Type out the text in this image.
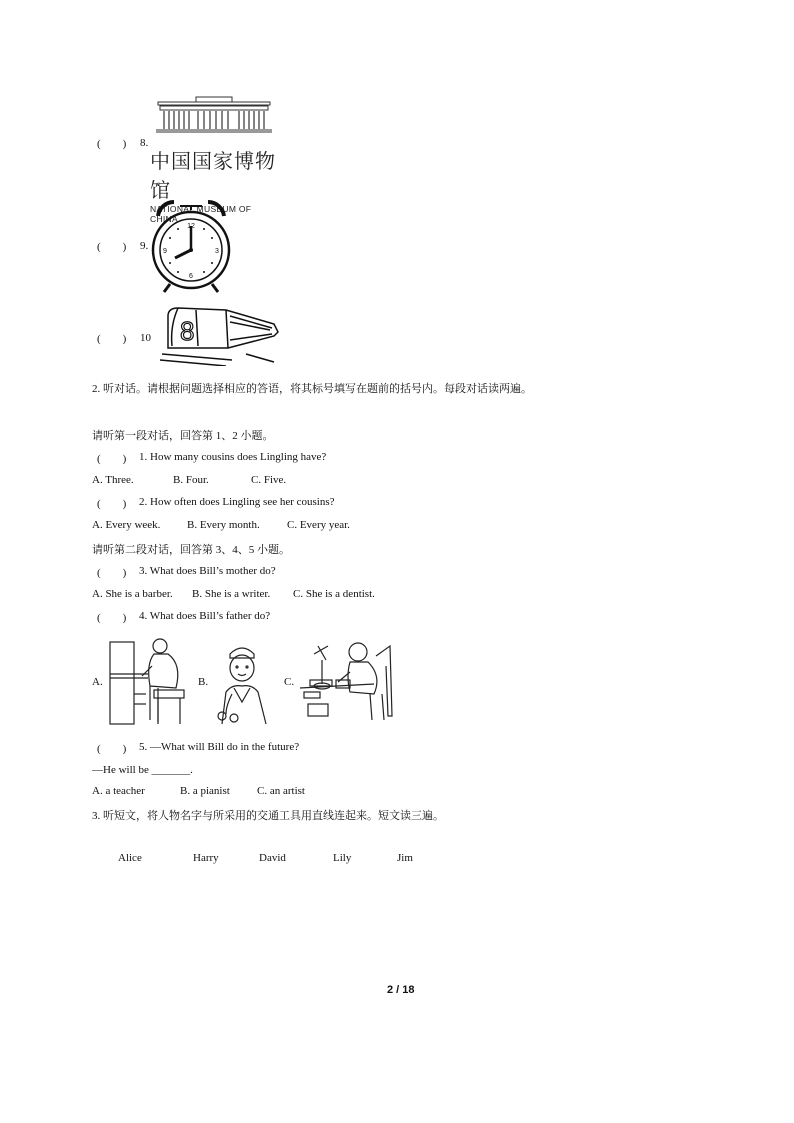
(　　) 8.
中国国家博物馆
NATIONAL MUSEUM OF CHINA
(　　) 9.
12
3
6
9
(　　) 10 8
2. 听对话。请根据问题选择相应的答语，将其标号填写在题前的括号内。每段对话读两遍。
请听第一段对话，回答第 1、2 小题。
(　　) 1. How many cousins does Lingling have?
A. Three.	B. Four.	C. Five.
(　　) 2. How often does Lingling see her cousins?
A. Every week. B. Every month. C. Every year.
请听第二段对话，回答第 3、4、5 小题。
(　　) 3. What does Bill’s mother do?
A. She is a barber. B. She is a writer. C. She is a dentist.
(　　) 4. What does Bill’s father do?
A.	B.	C.
(　　) 5. —What will Bill do in the future?
—He will be _______.
A. a teacher	B. a pianist C. an artist
3. 听短文，将人物名字与所采用的交通工具用直线连起来。短文读三遍。
Alice	Harry	David	Lily	Jim
2 / 18
